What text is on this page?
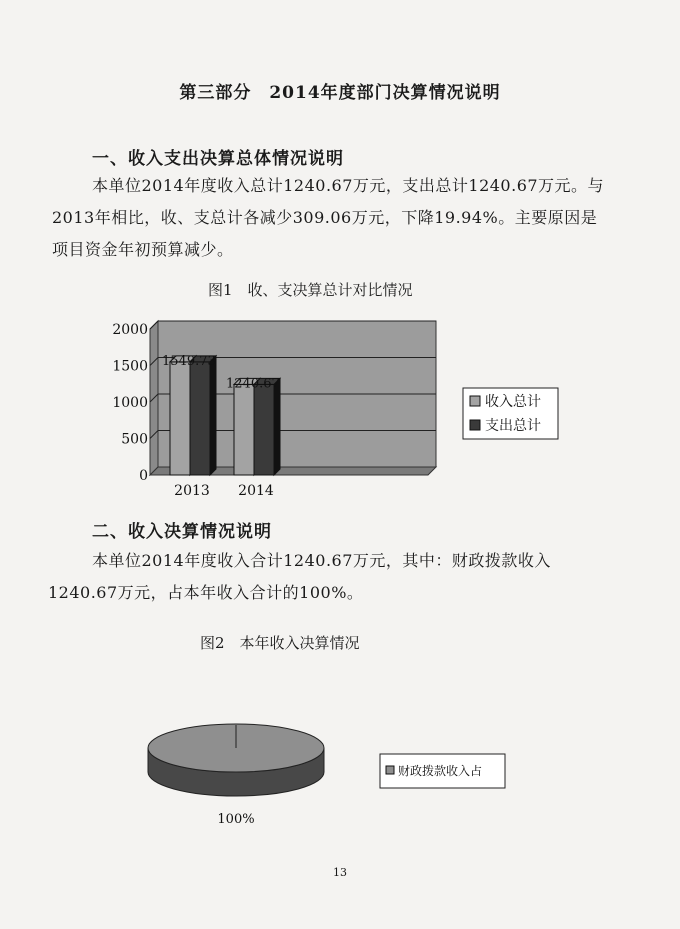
第三部分　2014年度部门决算情况说明
一、收入支出决算总体情况说明
本单位2014年度收入总计1240.67万元，支出总计1240.67万元。与
2013年相比，收、支总计各减少309.06万元，下降19.94%。主要原因是
项目资金年初预算减少。
图1　收、支决算总计对比情况
0
500
1000
1500
2000
1549.73
1240.67
2013 2014
收入总计
支出总计
二、收入决算情况说明
本单位2014年度收入合计1240.67万元，其中：财政拨款收入
1240.67万元，占本年收入合计的100%。
图2　本年收入决算情况
100%
财政拨款收入占
13
